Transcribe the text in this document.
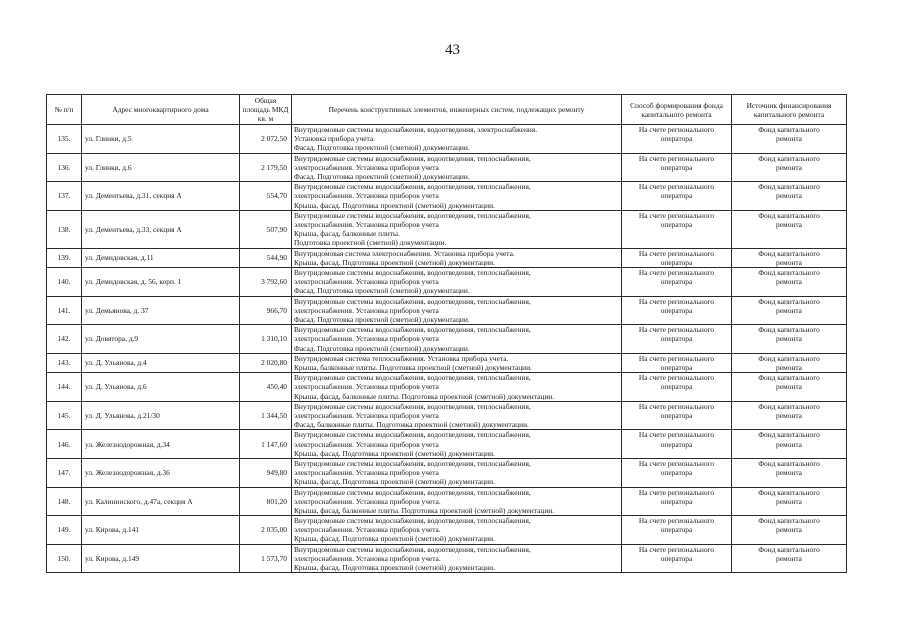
43
№ п/п	Адрес многоквартирного дома	Общая площадь МКД кв. м	Перечень конструктивных элементов, инженерных систем, подлежащих ремонту	Способ формирования фонда капитального ремонта	Источник финансирования капитального ремонта
135.	ул. Глинки, д.5	2 072,50	Внутридомовые системы водоснабжения, водоотведения, электроснабжения.
Установка прибора учета.
Фасад. Подготовка проектной (сметной) документации.	На счете регионального
оператора	Фонд капитального
ремонта

136.	ул. Глинки, д.6	2 179,50	Внутридомовые системы водоснабжения, водоотведения, теплоснабжения,
электроснабжения. Установка приборов учета
Фасад. Подготовка проектной (сметной) документации.	На счете регионального
оператора	Фонд капитального
ремонта

137.	ул. Дементьева, д.31, секция А	554,70	Внутридомовые системы водоснабжения, водоотведения, теплоснабжения,
электроснабжения. Установка приборов учета
Крыша, фасад. Подготовка проектной (сметной) документации.	На счете регионального
оператора	Фонд капитального
ремонта

138.	ул. Дементьева, д.33, секция А	507,90	Внутридомовые системы водоснабжения, водоотведения, теплоснабжения,
электроснабжения. Установка приборов учета
Крыша, фасад, балконные плиты.
Подготовка проектной (сметной) документации.	На счете регионального
оператора	Фонд капитального
ремонта

139.	ул. Демидовская, д.11	544,90	Внутридомовая система электроснабжения. Установка прибора учета.
Крыша, фасад. Подготовка проектной (сметной) документации.	На счете регионального
оператора	Фонд капитального
ремонта

140.	ул. Демидовская, д. 56, корп. 1	3 792,60	Внутридомовые системы водоснабжения, водоотведения, теплоснабжения,
электроснабжения. Установка приборов учета
Фасад. Подготовка проектной (сметной) документации.	На счете регионального
оператора	Фонд капитального
ремонта

141.	ул. Демьянова, д. 37	966,70	Внутридомовые системы водоснабжения, водоотведения, теплоснабжения,
электроснабжения. Установка приборов учета
Фасад. Подготовка проектной (сметной) документации.	На счете регионального
оператора	Фонд капитального
ремонта

142.	ул. Довятора, д.9	1 310,10	Внутридомовые системы водоснабжения, водоотведения, теплоснабжения,
электроснабжения. Установка приборов учета
Фасад. Подготовка проектной (сметной) документации.	На счете регионального
оператора	Фонд капитального
ремонта

143.	ул. Д. Ульянова, д.4	2 020,80	Внутридомовая система теплоснабжения. Установка прибора учета.
Крыша, балконные плиты. Подготовка проектной (сметной) документации.	На счете регионального
оператора	Фонд капитального
ремонта

144.	ул. Д. Ульянова, д.6	450,40	Внутридомовые системы водоснабжения, водоотведения, теплоснабжения,
электроснабжения. Установка приборов учета
Крыша, фасад, балконные плиты. Подготовка проектной (сметной) документации.	На счете регионального
оператора	Фонд капитального
ремонта

145.	ул. Д. Ульянова, д.21/30	1 344,50	Внутридомовые системы водоснабжения, водоотведения, теплоснабжения,
электроснабжения. Установка приборов учета
Фасад, балконные плиты. Подготовка проектной (сметной) документации.	На счете регионального
оператора	Фонд капитального
ремонта

146.	ул. Железнодорожная, д.34	1 147,60	Внутридомовые системы водоснабжения, водоотведения, теплоснабжения,
электроснабжения. Установка приборов учета
Крыша, фасад. Подготовка проектной (сметной) документации.	На счете регионального
оператора	Фонд капитального
ремонта

147.	ул. Железнодорожная, д.36	949,80	Внутридомовые системы водоснабжения, водоотведения, теплоснабжения,
электроснабжения. Установка приборов учета
Крыша, фасад. Подготовка проектной (сметной) документации.	На счете регионального
оператора	Фонд капитального
ремонта

148.	ул. Калининского, д.47а, секция А	801,20	Внутридомовые системы водоснабжения, водоотведения, теплоснабжения,
электроснабжения. Установка приборов учета.
Крыша, фасад, балконные плиты. Подготовка проектной (сметной) документации.	На счете регионального
оператора	Фонд капитального
ремонта

149.	ул. Кирова, д.141	2 035,00	Внутридомовые системы водоснабжения, водоотведения, теплоснабжения,
электроснабжения. Установка приборов учета.
Крыша, фасад. Подготовка проектной (сметной) документации.	На счете регионального
оператора	Фонд капитального
ремонта

150.	ул. Кирова, д.149	1 573,70	Внутридомовые системы водоснабжения, водоотведения, теплоснабжения,
электроснабжения. Установка приборов учета.
Крыша, фасад. Подготовка проектной (сметной) документации.	На счете регионального
оператора	Фонд капитального
ремонта
